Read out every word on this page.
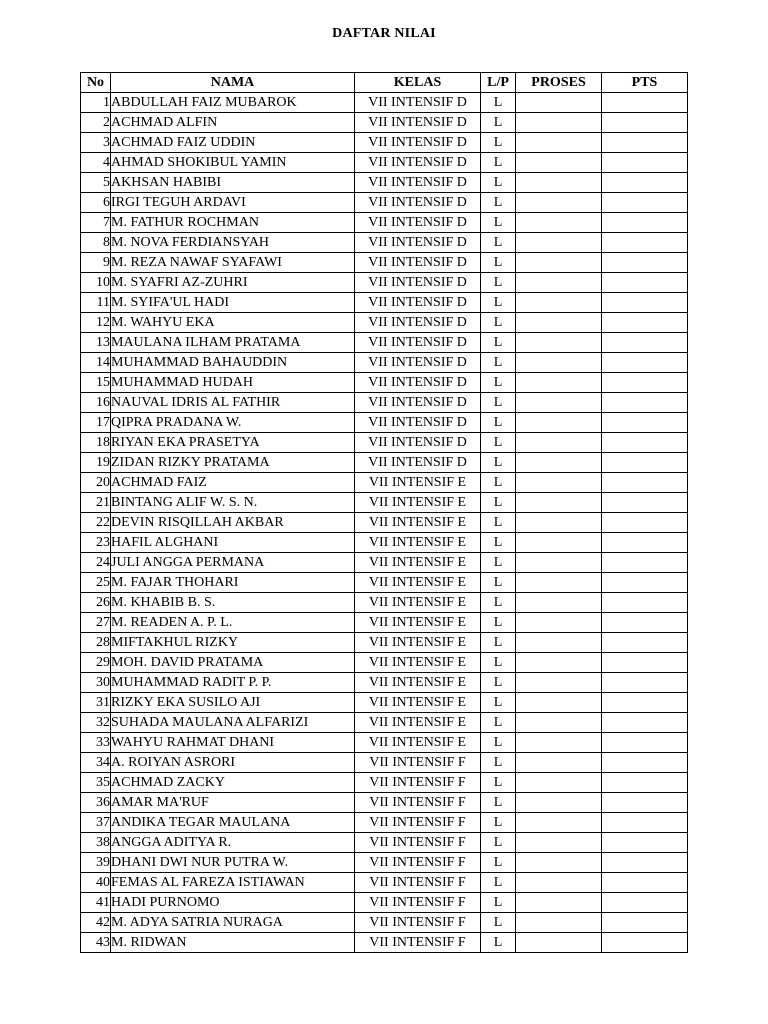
DAFTAR NILAI
No	NAMA	KELAS	L/P	PROSES	PTS
1	ABDULLAH FAIZ MUBAROK	VII INTENSIF D	L		
2	ACHMAD ALFIN	VII INTENSIF D	L		
3	ACHMAD FAIZ UDDIN	VII INTENSIF D	L		
4	AHMAD SHOKIBUL YAMIN	VII INTENSIF D	L		
5	AKHSAN HABIBI	VII INTENSIF D	L		
6	IRGI TEGUH ARDAVI	VII INTENSIF D	L		
7	M. FATHUR ROCHMAN	VII INTENSIF D	L		
8	M. NOVA FERDIANSYAH	VII INTENSIF D	L		
9	M. REZA NAWAF SYAFAWI	VII INTENSIF D	L		
10	M. SYAFRI AZ-ZUHRI	VII INTENSIF D	L		
11	M. SYIFA'UL HADI	VII INTENSIF D	L		
12	M. WAHYU EKA	VII INTENSIF D	L		
13	MAULANA ILHAM PRATAMA	VII INTENSIF D	L		
14	MUHAMMAD BAHAUDDIN	VII INTENSIF D	L		
15	MUHAMMAD HUDAH	VII INTENSIF D	L		
16	NAUVAL IDRIS AL FATHIR	VII INTENSIF D	L		
17	QIPRA PRADANA W.	VII INTENSIF D	L		
18	RIYAN EKA PRASETYA	VII INTENSIF D	L		
19	ZIDAN RIZKY PRATAMA	VII INTENSIF D	L		
20	ACHMAD FAIZ	VII INTENSIF E	L		
21	BINTANG ALIF W. S. N.	VII INTENSIF E	L		
22	DEVIN RISQILLAH AKBAR	VII INTENSIF E	L		
23	HAFIL ALGHANI	VII INTENSIF E	L		
24	JULI ANGGA PERMANA	VII INTENSIF E	L		
25	M. FAJAR THOHARI	VII INTENSIF E	L		
26	M. KHABIB B. S.	VII INTENSIF E	L		
27	M. READEN A. P. L.	VII INTENSIF E	L		
28	MIFTAKHUL RIZKY	VII INTENSIF E	L		
29	MOH. DAVID PRATAMA	VII INTENSIF E	L		
30	MUHAMMAD RADIT P. P.	VII INTENSIF E	L		
31	RIZKY EKA SUSILO AJI	VII INTENSIF E	L		
32	SUHADA MAULANA ALFARIZI	VII INTENSIF E	L		
33	WAHYU RAHMAT DHANI	VII INTENSIF E	L		
34	A. ROIYAN ASRORI	VII INTENSIF F	L		
35	ACHMAD ZACKY	VII INTENSIF F	L		
36	AMAR MA'RUF	VII INTENSIF F	L		
37	ANDIKA TEGAR MAULANA	VII INTENSIF F	L		
38	ANGGA ADITYA R.	VII INTENSIF F	L		
39	DHANI DWI NUR PUTRA W.	VII INTENSIF F	L		
40	FEMAS AL FAREZA ISTIAWAN	VII INTENSIF F	L		
41	HADI PURNOMO	VII INTENSIF F	L		
42	M. ADYA SATRIA NURAGA	VII INTENSIF F	L		
43	M. RIDWAN	VII INTENSIF F	L		
